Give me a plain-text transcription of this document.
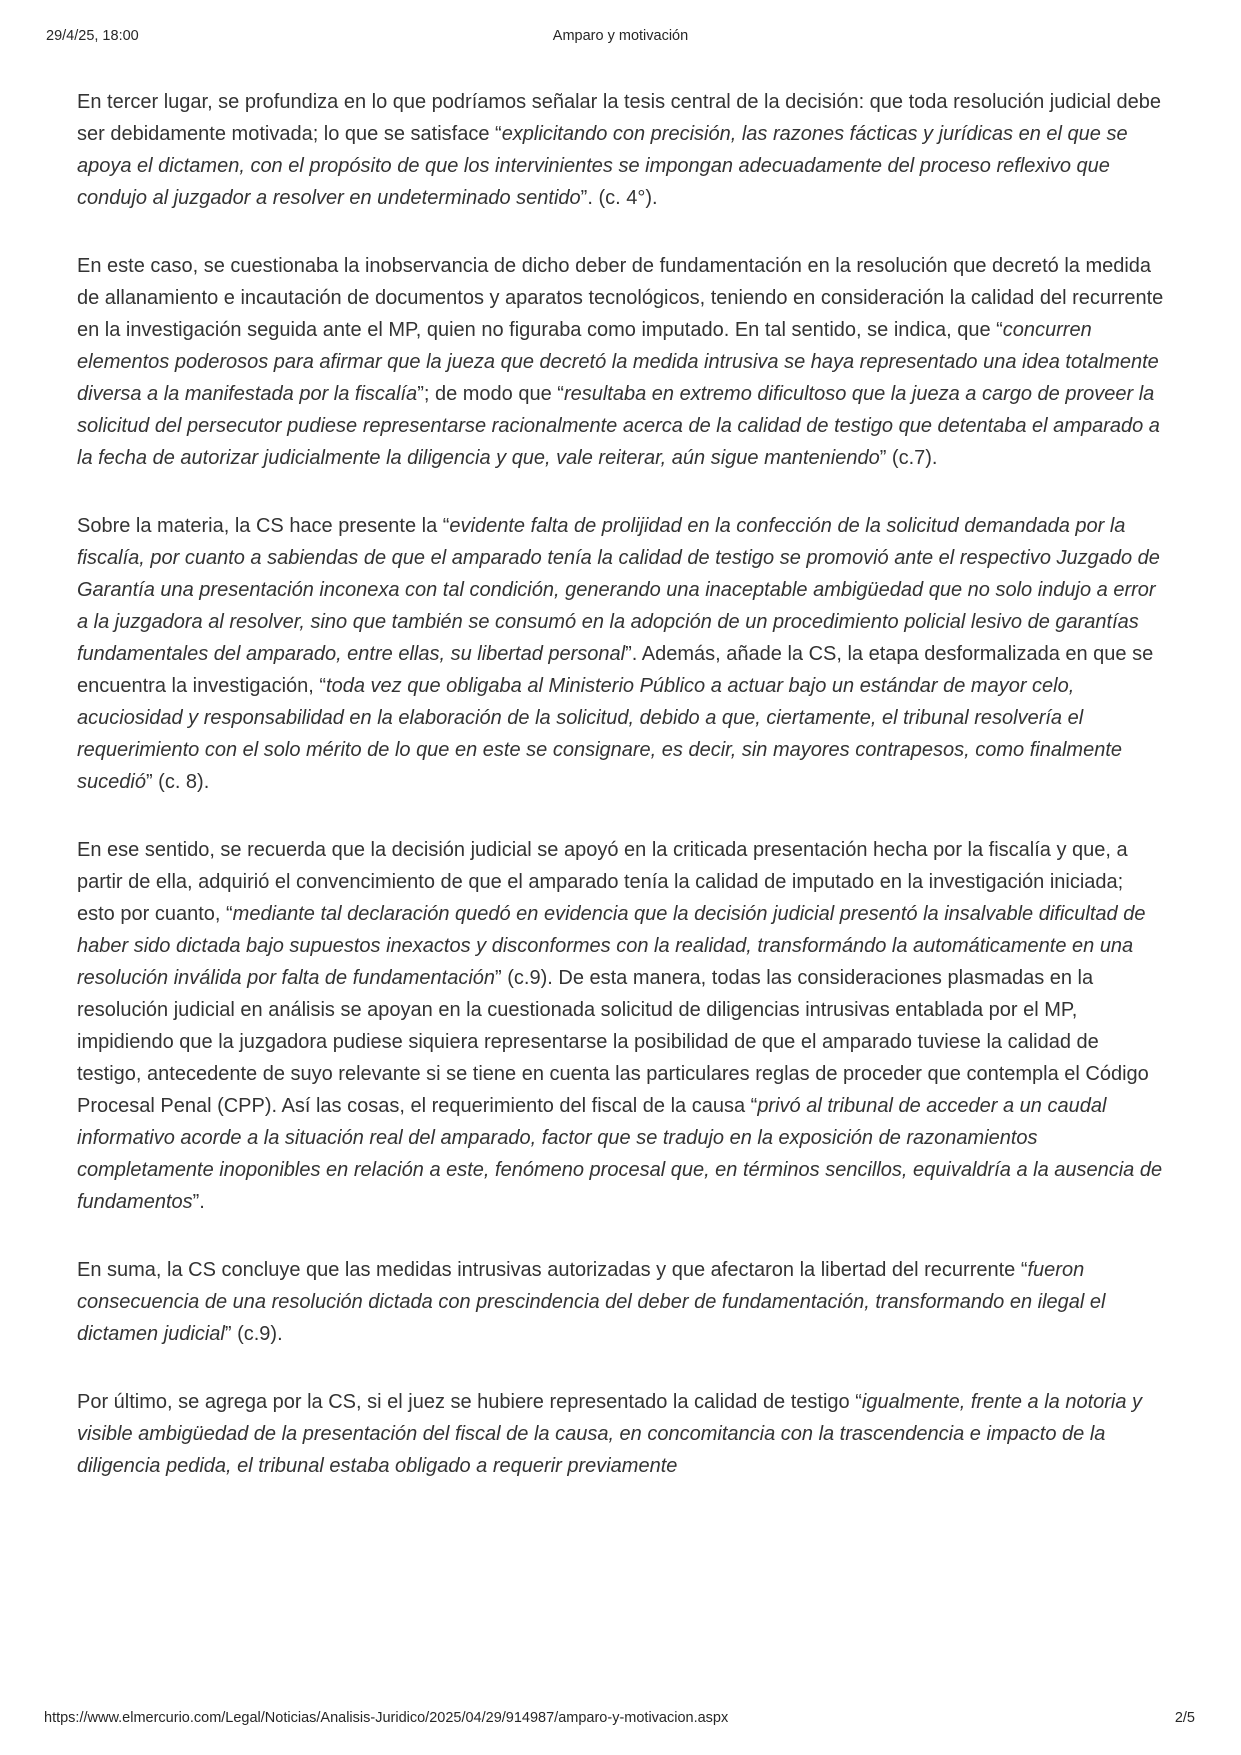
Amparo y motivación
29/4/25, 18:00

En tercer lugar, se profundiza en lo que podríamos señalar la tesis central de la decisión: que toda resolución judicial debe ser debidamente motivada; lo que se satisface “explicitando con precisión, las razones fácticas y jurídicas en el que se apoya el dictamen, con el propósito de que los intervinientes se impongan adecuadamente del proceso reflexivo que condujo al juzgador a resolver en undeterminado sentido”. (c. 4°).

En este caso, se cuestionaba la inobservancia de dicho deber de fundamentación en la resolución que decretó la medida de allanamiento e incautación de documentos y aparatos tecnológicos, teniendo en consideración la calidad del recurrente en la investigación seguida ante el MP, quien no figuraba como imputado. En tal sentido, se indica, que “concurren elementos poderosos para afirmar que la jueza que decretó la medida intrusiva se haya representado una idea totalmente diversa a la manifestada por la fiscalía”; de modo que “resultaba en extremo dificultoso que la jueza a cargo de proveer la solicitud del persecutor pudiese representarse racionalmente acerca de la calidad de testigo que detentaba el amparado a la fecha de autorizar judicialmente la diligencia y que, vale reiterar, aún sigue manteniendo” (c.7).

Sobre la materia, la CS hace presente la “evidente falta de prolijidad en la confección de la solicitud demandada por la fiscalía, por cuanto a sabiendas de que el amparado tenía la calidad de testigo se promovió ante el respectivo Juzgado de Garantía una presentación inconexa con tal condición, generando una inaceptable ambigüedad que no solo indujo a error a la juzgadora al resolver, sino que también se consumó en la adopción de un procedimiento policial lesivo de garantías fundamentales del amparado, entre ellas, su libertad personal”. Además, añade la CS, la etapa desformalizada en que se encuentra la investigación, “toda vez que obligaba al Ministerio Público a actuar bajo un estándar de mayor celo, acuciosidad y responsabilidad en la elaboración de la solicitud, debido a que, ciertamente, el tribunal resolvería el requerimiento con el solo mérito de lo que en este se consignare, es decir, sin mayores contrapesos, como finalmente sucedió” (c. 8).

En ese sentido, se recuerda que la decisión judicial se apoyó en la criticada presentación hecha por la fiscalía y que, a partir de ella, adquirió el convencimiento de que el amparado tenía la calidad de imputado en la investigación iniciada; esto por cuanto, “mediante tal declaración quedó en evidencia que la decisión judicial presentó la insalvable dificultad de haber sido dictada bajo supuestos inexactos y disconformes con la realidad, transformándo la automáticamente en una resolución inválida por falta de fundamentación” (c.9). De esta manera, todas las consideraciones plasmadas en la resolución judicial en análisis se apoyan en la cuestionada solicitud de diligencias intrusivas entablada por el MP, impidiendo que la juzgadora pudiese siquiera representarse la posibilidad de que el amparado tuviese la calidad de testigo, antecedente de suyo relevante si se tiene en cuenta las particulares reglas de proceder que contempla el Código Procesal Penal (CPP). Así las cosas, el requerimiento del fiscal de la causa “privó al tribunal de acceder a un caudal informativo acorde a la situación real del amparado, factor que se tradujo en la exposición de razonamientos completamente inoponibles en relación a este, fenómeno procesal que, en términos sencillos, equivaldría a la ausencia de fundamentos”.

En suma, la CS concluye que las medidas intrusivas autorizadas y que afectaron la libertad del recurrente “fueron consecuencia de una resolución dictada con prescindencia del deber de fundamentación, transformando en ilegal el dictamen judicial” (c.9).

Por último, se agrega por la CS, si el juez se hubiere representado la calidad de testigo “igualmente, frente a la notoria y visible ambigüedad de la presentación del fiscal de la causa, en concomitancia con la trascendencia e impacto de la diligencia pedida, el tribunal estaba obligado a requerir previamente

https://www.elmercurio.com/Legal/Noticias/Analisis-Juridico/2025/04/29/914987/amparo-y-motivacion.aspx	2/5
